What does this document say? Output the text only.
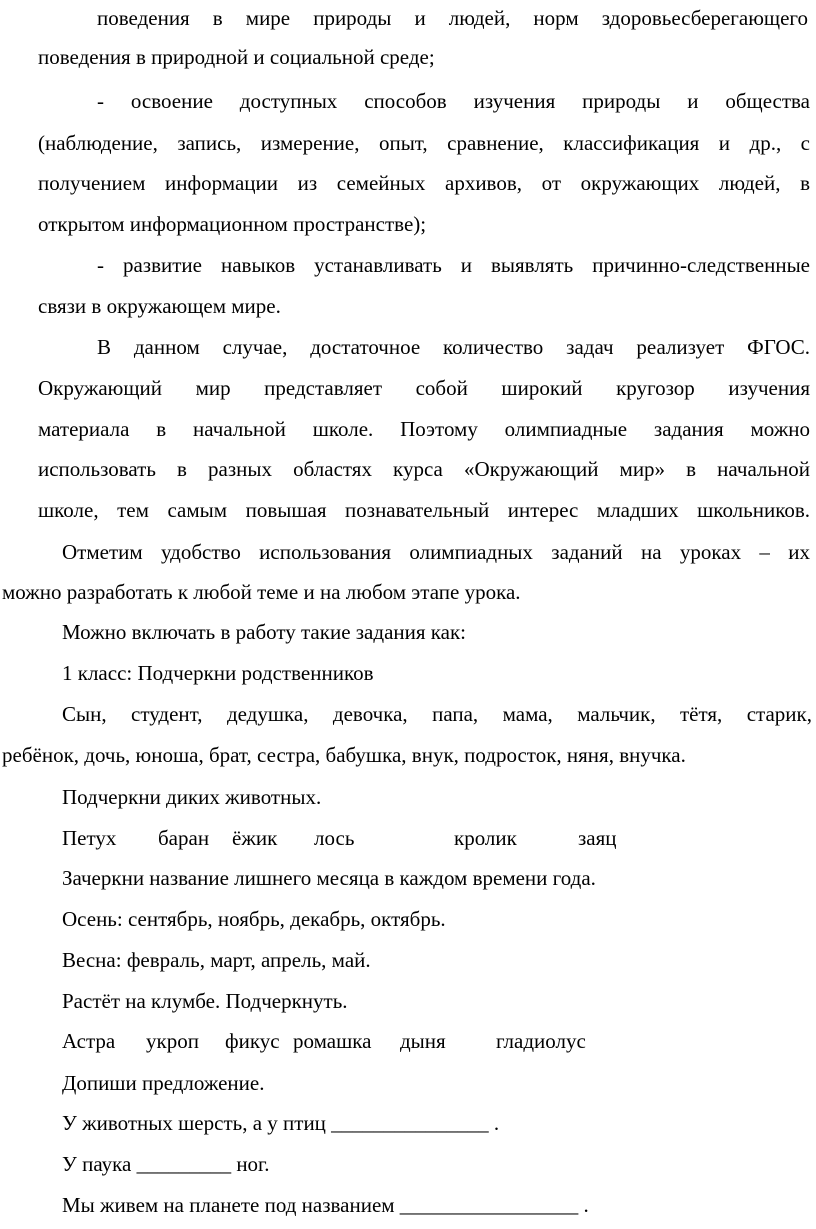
поведения в мире природы и людей, норм здоровьесберегающего
поведения в природной и социальной среде;
- освоение доступных способов изучения природы и общества
(наблюдение, запись, измерение, опыт, сравнение, классификация и др., с
получением информации из семейных архивов, от окружающих людей, в
открытом информационном пространстве);
- развитие навыков устанавливать и выявлять причинно-следственные
связи в окружающем мире.
В данном случае, достаточное количество задач реализует ФГОС.
Окружающий мир представляет собой широкий кругозор изучения
материала в начальной школе. Поэтому олимпиадные задания можно
использовать в разных областях курса «Окружающий мир» в начальной
школе, тем самым повышая познавательный интерес младших школьников.
Отметим удобство использования олимпиадных заданий на уроках – их
можно разработать к любой теме и на любом этапе урока.
Можно включать в работу такие задания как:
1 класс: Подчеркни родственников
Сын, студент, дедушка, девочка, папа, мама, мальчик, тётя, старик,
ребёнок, дочь, юноша, брат, сестра, бабушка, внук, подросток, няня, внучка.
Подчеркни диких животных.
Петух баран ёжик лось	кролик	заяц
Зачеркни название лишнего месяца в каждом времени года.
Осень: сентябрь, ноябрь, декабрь, октябрь.
Весна: февраль, март, апрель, май.
Растёт на клумбе. Подчеркнуть.
Астра укроп фикус ромашка дыня гладиолус
Допиши предложение.
У животных шерсть, а у птиц _______________ .
У паука _________ ног.
Мы живем на планете под названием _________________ .
